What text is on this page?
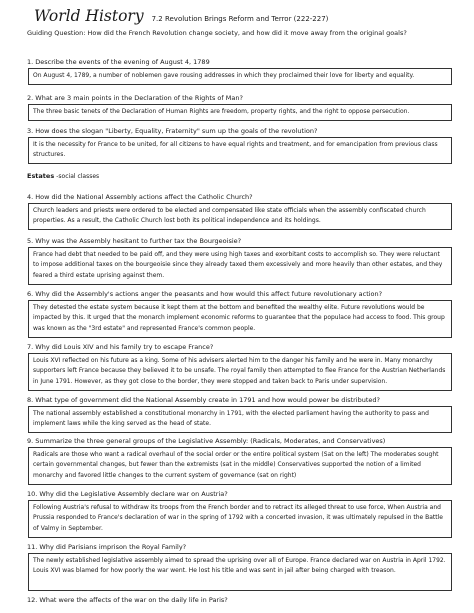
World History 7.2 Revolution Brings Reform and Terror (222-227)
Guiding Question: How did the French Revolution change society, and how did it move away from the original goals?
1. Describe the events of the evening of August 4, 1789
On August 4, 1789, a number of noblemen gave rousing addresses in which they proclaimed their love for liberty and equality.
2. What are 3 main points in the Declaration of the Rights of Man?
The three basic tenets of the Declaration of Human Rights are freedom, property rights, and the right to oppose persecution.
3. How does the slogan "Liberty, Equality, Fraternity" sum up the goals of the revolution?
It is the necessity for France to be united, for all citizens to have equal rights and treatment, and for emancipation from previous class structures.
Estates -social classes
4. How did the National Assembly actions affect the Catholic Church?
Church leaders and priests were ordered to be elected and compensated like state officials when the assembly confiscated church properties. As a result, the Catholic Church lost both its political independence and its holdings.
5. Why was the Assembly hesitant to further tax the Bourgeoisie?
France had debt that needed to be paid off, and they were using high taxes and exorbitant costs to accomplish so. They were reluctant to impose additional taxes on the bourgeoisie since they already taxed them excessively and more heavily than other estates, and they feared a third estate uprising against them.
6. Why did the Assembly's actions anger the peasants and how would this affect future revolutionary action?
They detested the estate system because it kept them at the bottom and benefited the wealthy elite. Future revolutions would be impacted by this. It urged that the monarch implement economic reforms to guarantee that the populace had access to food. This group was known as the "3rd estate" and represented France's common people.
7. Why did Louis XIV and his family try to escape France?
Louis XVI reflected on his future as a king. Some of his advisers alerted him to the danger his family and he were in. Many monarchy supporters left France because they believed it to be unsafe. The royal family then attempted to flee France for the Austrian Netherlands in June 1791. However, as they got close to the border, they were stopped and taken back to Paris under supervision.
8. What type of government did the National Assembly create in 1791 and how would power be distributed?
The national assembly established a constitutional monarchy in 1791, with the elected parliament having the authority to pass and implement laws while the king served as the head of state.
9. Summarize the three general groups of the Legislative Assembly: (Radicals, Moderates, and Conservatives)
Radicals are those who want a radical overhaul of the social order or the entire political system (Sat on the left) The moderates sought certain governmental changes, but fewer than the extremists (sat in the middle) Conservatives supported the notion of a limited monarchy and favored little changes to the current system of governance (sat on right)
10. Why did the Legislative Assembly declare war on Austria?
Following Austria's refusal to withdraw its troops from the French border and to retract its alleged threat to use force, When Austria and Prussia responded to France's declaration of war in the spring of 1792 with a concerted invasion, it was ultimately repulsed in the Battle of Valmy in September.
11. Why did Parisians imprison the Royal Family?
The newly established legislative assembly aimed to spread the uprising over all of Europe. France declared war on Austria in April 1792. Louis XVI was blamed for how poorly the war went. He lost his title and was sent in jail after being charged with treason.
12. What were the affects of the war on the daily life in Paris?
